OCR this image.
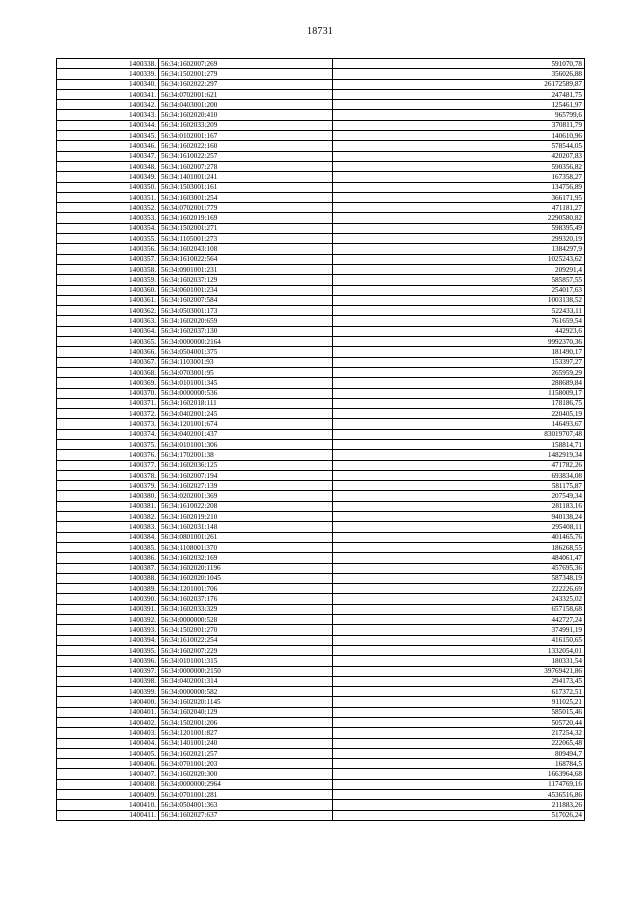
18731
1400338.	56:34:1602007:269	591070,78
1400339.	56:34:1502001:279	356026,88
1400340.	56:34:1602022:297	26172589,87
1400341.	56:34:0702001:621	247481,75
1400342.	56:34:0403001:200	125461,97
1400343.	56:34:1602020:410	965799,6
1400344.	56:34:1602033:209	370811,79
1400345.	56:34:0102001:167	140610,96
1400346.	56:34:1602022:160	578544,05
1400347.	56:34:1610022:257	420207,83
1400348.	56:34:1602007:278	590356,82
1400349.	56:34:1401001:241	167358,27
1400350.	56:34:1503001:161	134756,89
1400351.	56:34:1603001:254	366171,95
1400352.	56:34:0702001:779	471181,27
1400353.	56:34:1602019:169	2290580,82
1400354.	56:34:1502001:271	598395,49
1400355.	56:34:1105001:273	299320,19
1400356.	56:34:1602043:108	1384297,9
1400357.	56:34:1610022:564	1025243,62
1400358.	56:34:0901001:231	209291,4
1400359.	56:34:1602037:129	585857,55
1400360.	56:34:0601001:234	254017,63
1400361.	56:34:1602007:584	1003138,52
1400362.	56:34:0503001:173	522433,11
1400363.	56:34:1602020:659	761659,54
1400364.	56:34:1602037:130	442923,6
1400365.	56:34:0000000:2164	9992370,36
1400366.	56:34:0504001:375	181490,17
1400367.	56:34:1103001:93	153397,27
1400368.	56:34:0703001:95	265959,29
1400369.	56:34:0101001:345	288689,84
1400370.	56:34:0000000:536	1158009,17
1400371.	56:34:1602018:111	178186,75
1400372.	56:34:0402001:245	220405,19
1400373.	56:34:1201001:674	146493,67
1400374.	56:34:0402001:437	83019707,48
1400375.	56:34:0101001:306	158814,71
1400376.	56:34:1702001:38	1482919,34
1400377.	56:34:1602036:125	471782,26
1400378.	56:34:1602007:194	693834,08
1400379.	56:34:1602027:139	581175,87
1400380.	56:34:0202001:369	207549,34
1400381.	56:34:1610022:208	281183,16
1400382.	56:34:1602019:210	940138,24
1400383.	56:34:1602031:148	295408,11
1400384.	56:34:0801001:261	401465,76
1400385.	56:34:1108001:370	186268,55
1400386.	56:34:1602032:169	484061,47
1400387.	56:34:1602020:1196	457695,36
1400388.	56:34:1602020:1045	587348,19
1400389.	56:34:1201001:706	222226,69
1400390.	56:34:1602037:176	243325,02
1400391.	56:34:1602033:329	657158,68
1400392.	56:34:0000000:528	442727,24
1400393.	56:34:1502001:270	374991,19
1400394.	56:34:1610022:254	416150,65
1400395.	56:34:1602007:229	1332054,01
1400396.	56:34:0101001:315	180331,54
1400397.	56:34:0000000:2150	39769421,86
1400398.	56:34:0402001:314	294173,45
1400399.	56:34:0000000:582	617372,51
1400400.	56:34:1602020:1145	911025,21
1400401.	56:34:1602040:129	585015,46
1400402.	56:34:1502001:206	505720,44
1400403.	56:34:1201001:827	217254,32
1400404.	56:34:1401001:240	222065,48
1400405.	56:34:1602021:257	809494,7
1400406.	56:34:0701001:203	168784,5
1400407.	56:34:1602020:300	1663964,68
1400408.	56:34:0000000:2964	1174769,16
1400409.	56:34:0701001:281	4536516,86
1400410.	56:34:0504001:363	211883,26
1400411.	56:34:1602027:637	517026,24
